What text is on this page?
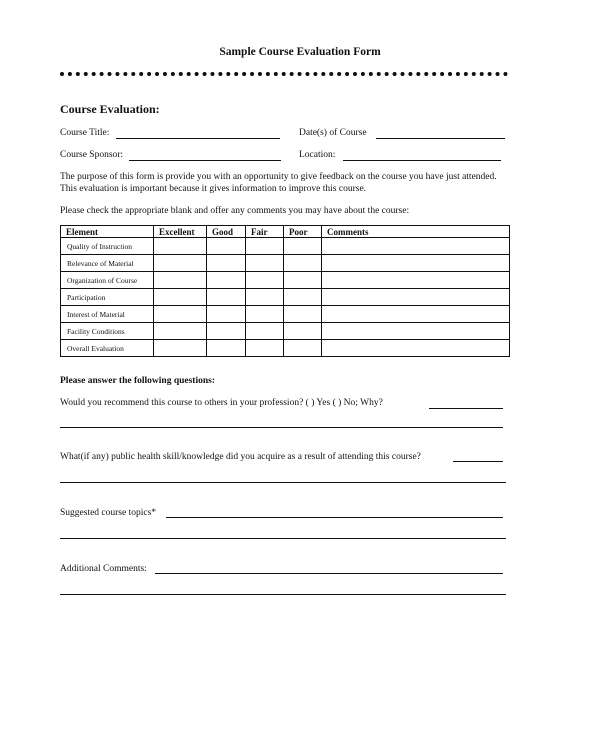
Sample Course Evaluation Form
Course Evaluation:
Course Title:	Date(s) of Course
Course Sponsor:	Location:
The purpose of this form is provide you with an opportunity to give feedback on the course you have just attended. This evaluation is important because it gives information to improve this course.
Please check the appropriate blank and offer any comments you may have about the course:
Element	Excellent	Good	Fair	Poor	Comments
Quality of Instruction					
Relevance of Material					
Organization of Course					
Participation					
Interest of Material					
Facility Conditions					
Overall Evaluation					
Please answer the following questions:
Would you recommend this course to others in your profession? ( ) Yes ( ) No; Why?
What(if any) public health skill/knowledge did you acquire as a result of attending this course?
Suggested course topics*
Additional Comments:
